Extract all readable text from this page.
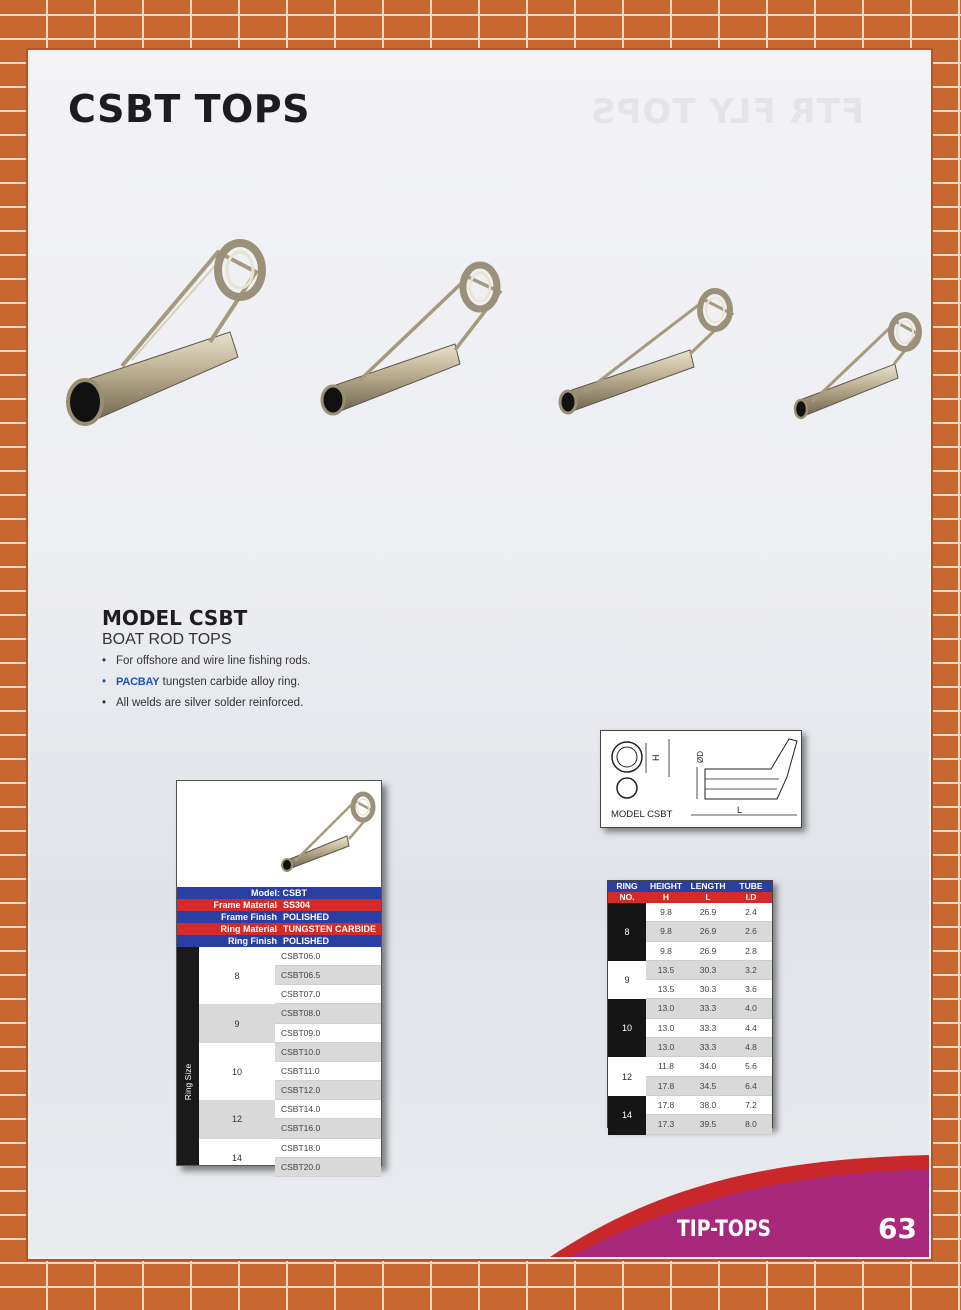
FTR FLY TOPS
CSBT TOPS
MODEL CSBT
BOAT ROD TOPS
• For offshore and wire line fishing rods.
• PACBAY tungsten carbide alloy ring.
• All welds are silver solder reinforced.
Model: CSBT
Frame Material SS304
Frame Finish POLISHED
Ring Material TUNGSTEN CARBIDE
Ring Finish POLISHED
Ring Size
8
CSBT06.0
CSBT06.5
CSBT07.0
9
CSBT08.0
CSBT09.0
10
CSBT10.0
CSBT11.0
CSBT12.0
12
CSBT14.0
CSBT16.0
14
CSBT18.0
CSBT20.0
H	ØD
L
MODEL CSBT
RING	HEIGHT LENGTH	TUBE
NO.	H	L	I.D
8
9.8	26.9	2.4
9.8	26.9	2.6
9.8	26.9	2.8
9
13.5	30.3	3.2
13.5	30.3	3.6
10
13.0	33.3	4.0
13.0	33.3	4.4
13.0	33.3	4.8
12
11.8	34.0	5.6
17.8	34.5	6.4
14
17.8	38.0	7.2
17.3	39.5	8.0
TIP-TOPS	63
